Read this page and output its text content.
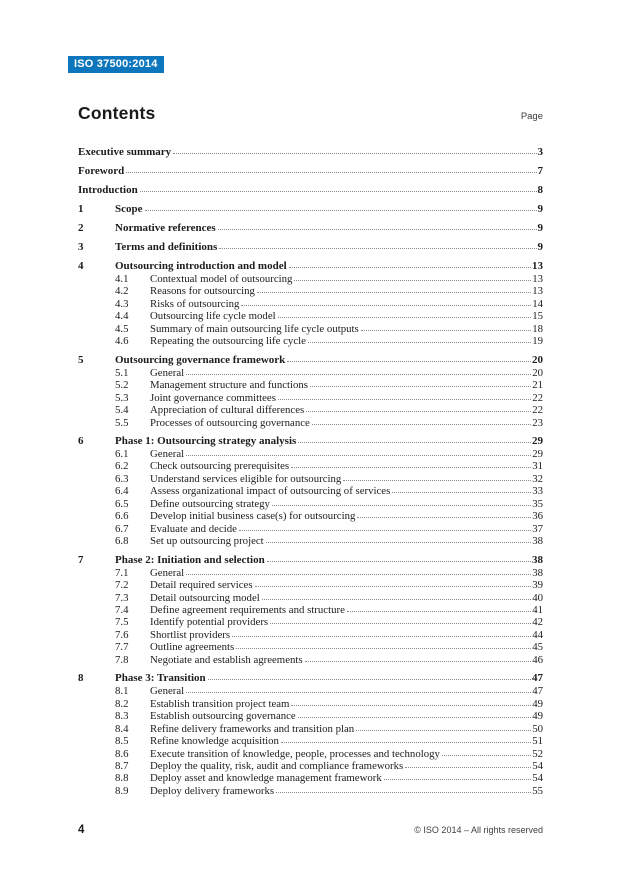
ISO 37500:2014
Contents	Page
Executive summary	3
Foreword	7
Introduction	8
1	Scope	9
2	Normative references	9
3	Terms and definitions	9
4	Outsourcing introduction and model	13
4.1	Contextual model of outsourcing	13
4.2	Reasons for outsourcing	13
4.3	Risks of outsourcing	14
4.4	Outsourcing life cycle model	15
4.5	Summary of main outsourcing life cycle outputs	18
4.6	Repeating the outsourcing life cycle	19
5	Outsourcing governance framework	20
5.1	General	20
5.2	Management structure and functions	21
5.3	Joint governance committees	22
5.4	Appreciation of cultural differences	22
5.5	Processes of outsourcing governance	23
6	Phase 1: Outsourcing strategy analysis	29
6.1	General	29
6.2	Check outsourcing prerequisites	31
6.3	Understand services eligible for outsourcing	32
6.4	Assess organizational impact of outsourcing of services	33
6.5	Define outsourcing strategy	35
6.6	Develop initial business case(s) for outsourcing	36
6.7	Evaluate and decide	37
6.8	Set up outsourcing project	38
7	Phase 2: Initiation and selection	38
7.1	General	38
7.2	Detail required services	39
7.3	Detail outsourcing model	40
7.4	Define agreement requirements and structure	41
7.5	Identify potential providers	42
7.6	Shortlist providers	44
7.7	Outline agreements	45
7.8	Negotiate and establish agreements	46
8	Phase 3: Transition	47
8.1	General	47
8.2	Establish transition project team	49
8.3	Establish outsourcing governance	49
8.4	Refine delivery frameworks and transition plan	50
8.5	Refine knowledge acquisition	51
8.6	Execute transition of knowledge, people, processes and technology	52
8.7	Deploy the quality, risk, audit and compliance frameworks	54
8.8	Deploy asset and knowledge management framework	54
8.9	Deploy delivery frameworks	55
4	© ISO 2014 – All rights reserved
